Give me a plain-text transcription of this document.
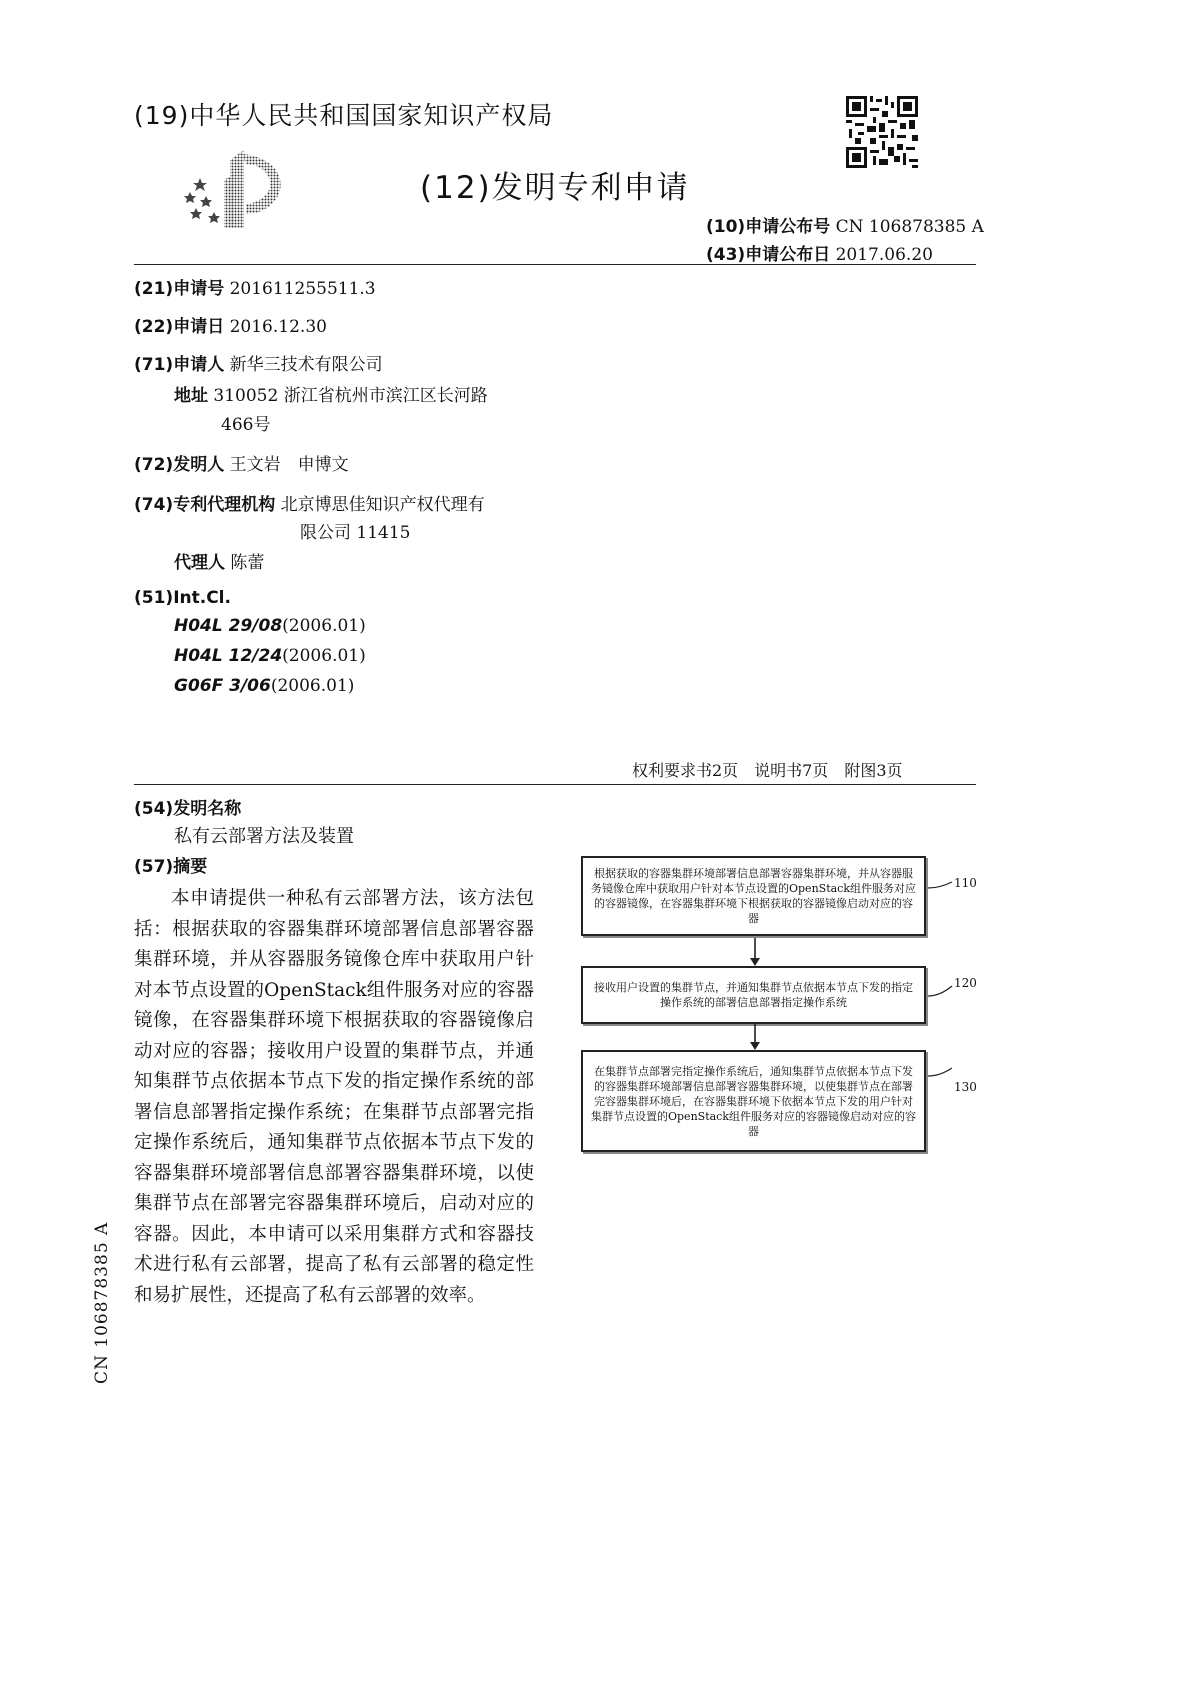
(19)中华人民共和国国家知识产权局
(12)发明专利申请
(10)申请公布号 CN 106878385 A
(43)申请公布日 2017.06.20
(21)申请号 201611255511.3
(22)申请日 2016.12.30
(71)申请人 新华三技术有限公司
地址 310052 浙江省杭州市滨江区长河路
466号
(72)发明人 王文岩　申博文
(74)专利代理机构 北京博思佳知识产权代理有
限公司 11415
代理人 陈蕾
(51)Int.Cl.
H04L 29/08(2006.01)
H04L 12/24(2006.01)
G06F 3/06(2006.01)
权利要求书2页　说明书7页　附图3页
(54)发明名称
私有云部署方法及装置
(57)摘要
本申请提供一种私有云部署方法，该方法包括：根据获取的容器集群环境部署信息部署容器集群环境，并从容器服务镜像仓库中获取用户针对本节点设置的OpenStack组件服务对应的容器镜像，在容器集群环境下根据获取的容器镜像启动对应的容器；接收用户设置的集群节点，并通知集群节点依据本节点下发的指定操作系统的部署信息部署指定操作系统；在集群节点部署完指定操作系统后，通知集群节点依据本节点下发的容器集群环境部署信息部署容器集群环境，以使集群节点在部署完容器集群环境后，启动对应的容器。因此，本申请可以采用集群方式和容器技术进行私有云部署，提高了私有云部署的稳定性和易扩展性，还提高了私有云部署的效率。
根据获取的容器集群环境部署信息部署容器集群环境，并从容器服务镜像仓库中获取用户针对本节点设置的OpenStack组件服务对应的容器镜像，在容器集群环境下根据获取的容器镜像启动对应的容器
接收用户设置的集群节点，并通知集群节点依据本节点下发的指定操作系统的部署信息部署指定操作系统
在集群节点部署完指定操作系统后，通知集群节点依据本节点下发的容器集群环境部署信息部署容器集群环境，以使集群节点在部署完容器集群环境后，在容器集群环境下依据本节点下发的用户针对集群节点设置的OpenStack组件服务对应的容器镜像启动对应的容器
110
120
130
CN 106878385 A
